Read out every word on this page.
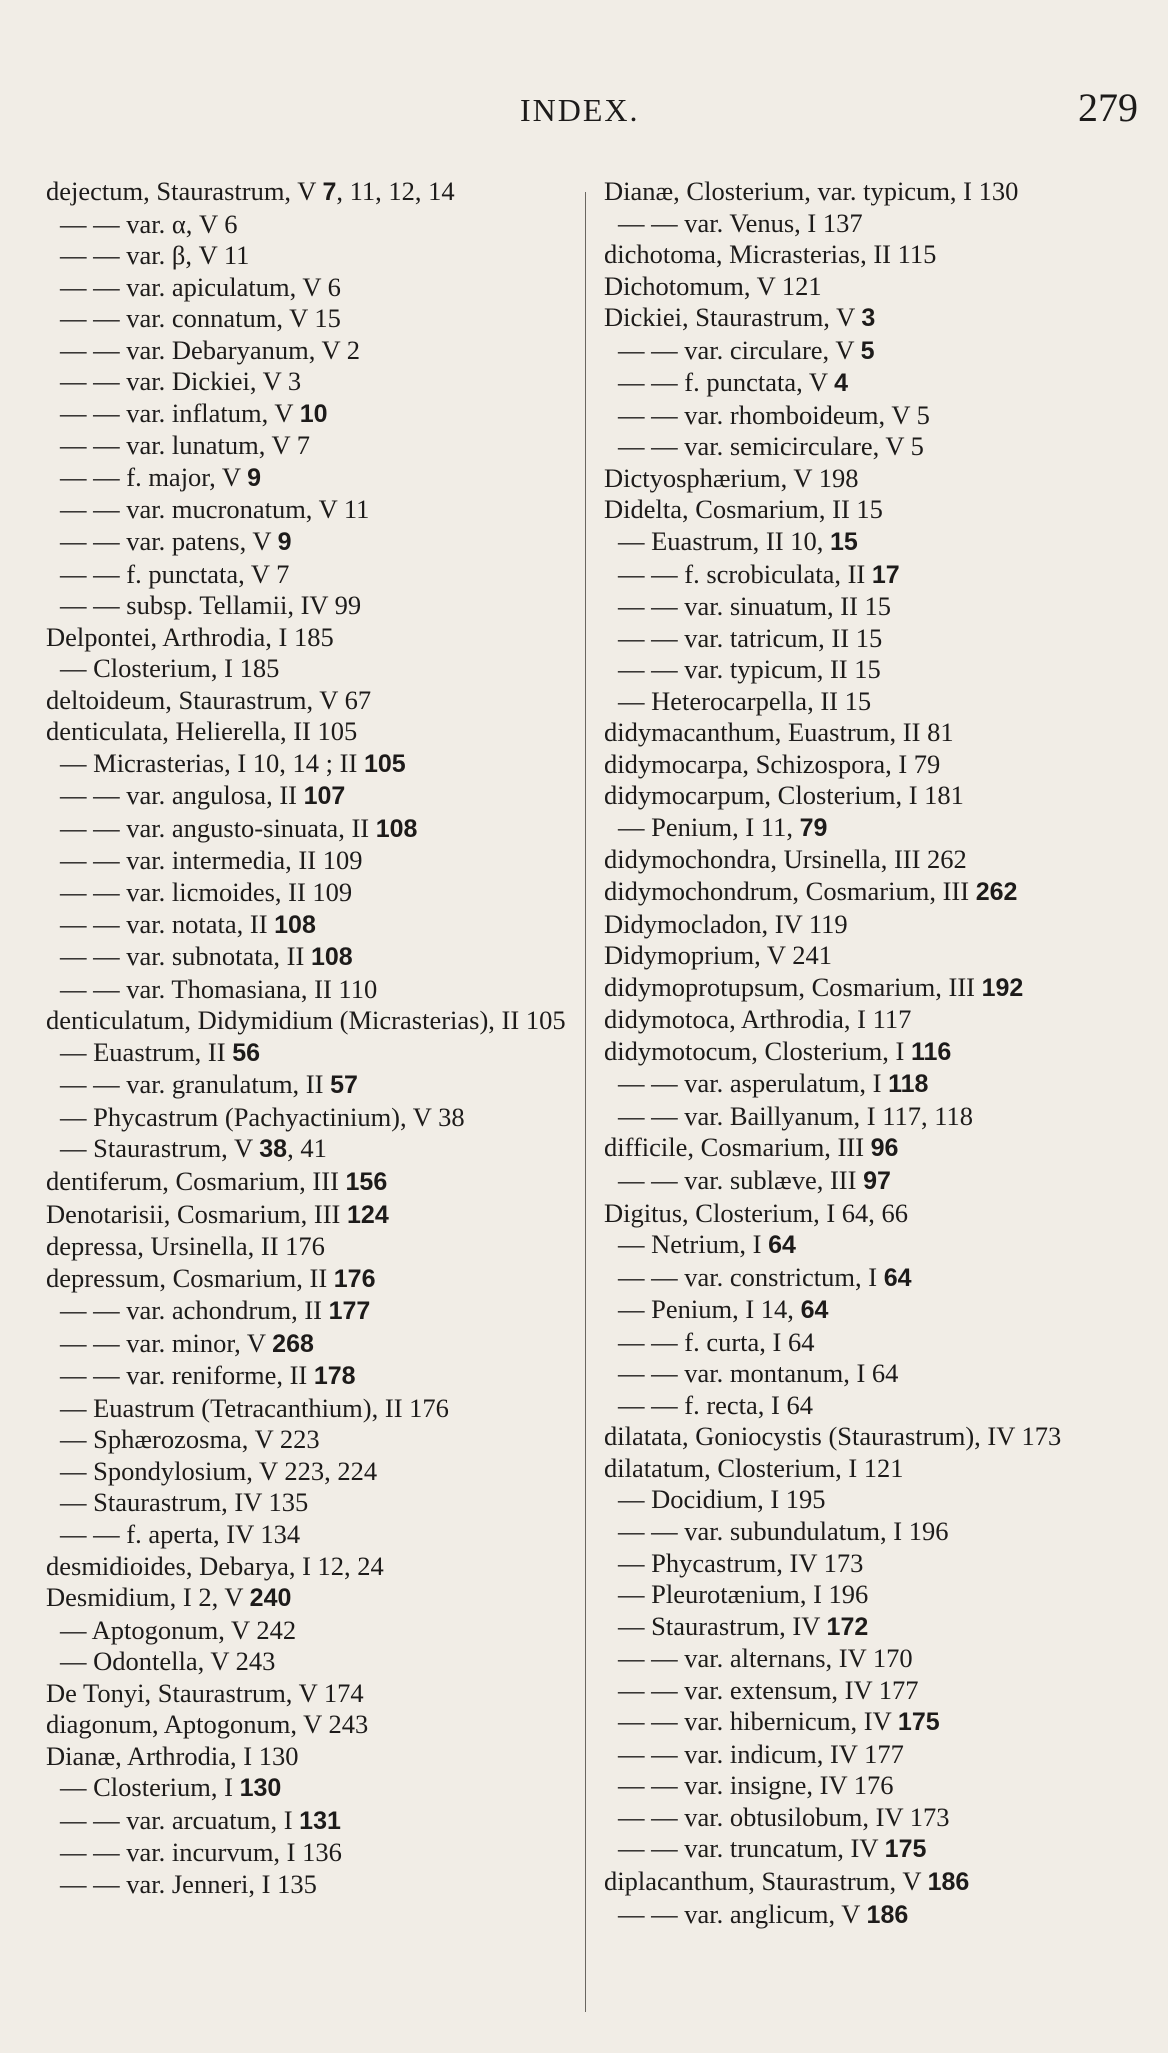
INDEX.	279
dejectum, Staurastrum, V 7, 11, 12, 14
— — var. α, V 6
— — var. β, V 11
— — var. apiculatum, V 6
— — var. connatum, V 15
— — var. Debaryanum, V 2
— — var. Dickiei, V 3
— — var. inflatum, V 10
— — var. lunatum, V 7
— — f. major, V 9
— — var. mucronatum, V 11
— — var. patens, V 9
— — f. punctata, V 7
— — subsp. Tellamii, IV 99
Delpontei, Arthrodia, I 185
— Closterium, I 185
deltoideum, Staurastrum, V 67
denticulata, Helierella, II 105
— Micrasterias, I 10, 14 ; II 105
— — var. angulosa, II 107
— — var. angusto-sinuata, II 108
— — var. intermedia, II 109
— — var. licmoides, II 109
— — var. notata, II 108
— — var. subnotata, II 108
— — var. Thomasiana, II 110
denticulatum, Didymidium (Micrasterias), II 105
— Euastrum, II 56
— — var. granulatum, II 57
— Phycastrum (Pachyactinium), V 38
— Staurastrum, V 38, 41
dentiferum, Cosmarium, III 156
Denotarisii, Cosmarium, III 124
depressa, Ursinella, II 176
depressum, Cosmarium, II 176
— — var. achondrum, II 177
— — var. minor, V 268
— — var. reniforme, II 178
— Euastrum (Tetracanthium), II 176
— Sphærozosma, V 223
— Spondylosium, V 223, 224
— Staurastrum, IV 135
— — f. aperta, IV 134
desmidioides, Debarya, I 12, 24
Desmidium, I 2, V 240
— Aptogonum, V 242
— Odontella, V 243
De Tonyi, Staurastrum, V 174
diagonum, Aptogonum, V 243
Dianæ, Arthrodia, I 130
— Closterium, I 130
— — var. arcuatum, I 131
— — var. incurvum, I 136
— — var. Jenneri, I 135
Dianæ, Closterium, var. typicum, I 130
— — var. Venus, I 137
dichotoma, Micrasterias, II 115
Dichotomum, V 121
Dickiei, Staurastrum, V 3
— — var. circulare, V 5
— — f. punctata, V 4
— — var. rhomboideum, V 5
— — var. semicirculare, V 5
Dictyosphærium, V 198
Didelta, Cosmarium, II 15
— Euastrum, II 10, 15
— — f. scrobiculata, II 17
— — var. sinuatum, II 15
— — var. tatricum, II 15
— — var. typicum, II 15
— Heterocarpella, II 15
didymacanthum, Euastrum, II 81
didymocarpa, Schizospora, I 79
didymocarpum, Closterium, I 181
— Penium, I 11, 79
didymochondra, Ursinella, III 262
didymochondrum, Cosmarium, III 262
Didymocladon, IV 119
Didymoprium, V 241
didymoprotupsum, Cosmarium, III 192
didymotoca, Arthrodia, I 117
didymotocum, Closterium, I 116
— — var. asperulatum, I 118
— — var. Baillyanum, I 117, 118
difficile, Cosmarium, III 96
— — var. sublæve, III 97
Digitus, Closterium, I 64, 66
— Netrium, I 64
— — var. constrictum, I 64
— Penium, I 14, 64
— — f. curta, I 64
— — var. montanum, I 64
— — f. recta, I 64
dilatata, Goniocystis (Staurastrum), IV 173
dilatatum, Closterium, I 121
— Docidium, I 195
— — var. subundulatum, I 196
— Phycastrum, IV 173
— Pleurotænium, I 196
— Staurastrum, IV 172
— — var. alternans, IV 170
— — var. extensum, IV 177
— — var. hibernicum, IV 175
— — var. indicum, IV 177
— — var. insigne, IV 176
— — var. obtusilobum, IV 173
— — var. truncatum, IV 175
diplacanthum, Staurastrum, V 186
— — var. anglicum, V 186
